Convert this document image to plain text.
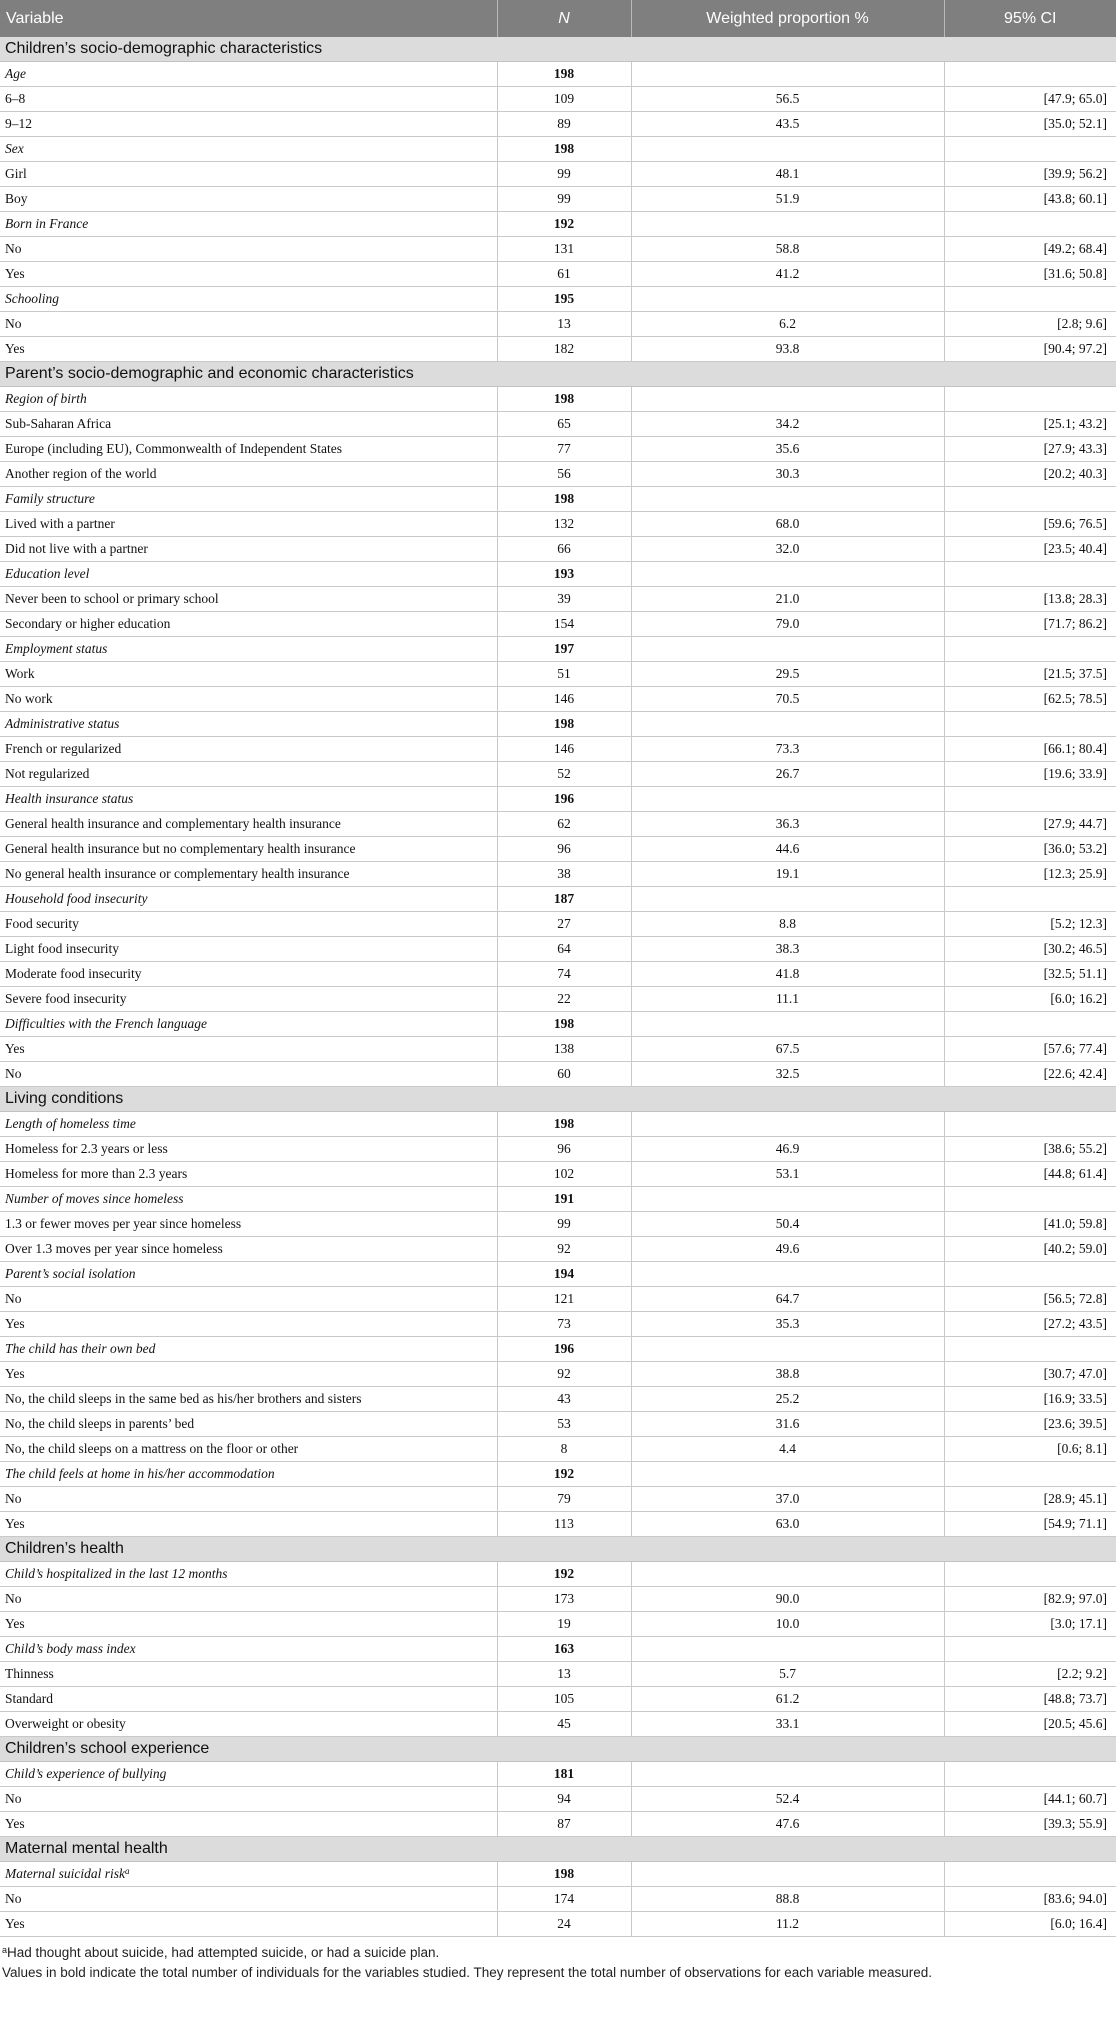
Variable	N	Weighted proportion %	95% CI
Children’s socio-demographic characteristics			
Age	198		
6–8	109	56.5	[47.9; 65.0]
9–12	89	43.5	[35.0; 52.1]
Sex	198		
Girl	99	48.1	[39.9; 56.2]
Boy	99	51.9	[43.8; 60.1]
Born in France	192		
No	131	58.8	[49.2; 68.4]
Yes	61	41.2	[31.6; 50.8]
Schooling	195		
No	13	6.2	[2.8; 9.6]
Yes	182	93.8	[90.4; 97.2]
Parent’s socio-demographic and economic characteristics			
Region of birth	198		
Sub-Saharan Africa	65	34.2	[25.1; 43.2]
Europe (including EU), Commonwealth of Independent States	77	35.6	[27.9; 43.3]
Another region of the world	56	30.3	[20.2; 40.3]
Family structure	198		
Lived with a partner	132	68.0	[59.6; 76.5]
Did not live with a partner	66	32.0	[23.5; 40.4]
Education level	193		
Never been to school or primary school	39	21.0	[13.8; 28.3]
Secondary or higher education	154	79.0	[71.7; 86.2]
Employment status	197		
Work	51	29.5	[21.5; 37.5]
No work	146	70.5	[62.5; 78.5]
Administrative status	198		
French or regularized	146	73.3	[66.1; 80.4]
Not regularized	52	26.7	[19.6; 33.9]
Health insurance status	196		
General health insurance and complementary health insurance	62	36.3	[27.9; 44.7]
General health insurance but no complementary health insurance	96	44.6	[36.0; 53.2]
No general health insurance or complementary health insurance	38	19.1	[12.3; 25.9]
Household food insecurity	187		
Food security	27	8.8	[5.2; 12.3]
Light food insecurity	64	38.3	[30.2; 46.5]
Moderate food insecurity	74	41.8	[32.5; 51.1]
Severe food insecurity	22	11.1	[6.0; 16.2]
Difficulties with the French language	198		
Yes	138	67.5	[57.6; 77.4]
No	60	32.5	[22.6; 42.4]
Living conditions			
Length of homeless time	198		
Homeless for 2.3 years or less	96	46.9	[38.6; 55.2]
Homeless for more than 2.3 years	102	53.1	[44.8; 61.4]
Number of moves since homeless	191		
1.3 or fewer moves per year since homeless	99	50.4	[41.0; 59.8]
Over 1.3 moves per year since homeless	92	49.6	[40.2; 59.0]
Parent’s social isolation	194		
No	121	64.7	[56.5; 72.8]
Yes	73	35.3	[27.2; 43.5]
The child has their own bed	196		
Yes	92	38.8	[30.7; 47.0]
No, the child sleeps in the same bed as his/her brothers and sisters	43	25.2	[16.9; 33.5]
No, the child sleeps in parents’ bed	53	31.6	[23.6; 39.5]
No, the child sleeps on a mattress on the floor or other	8	4.4	[0.6; 8.1]
The child feels at home in his/her accommodation	192		
No	79	37.0	[28.9; 45.1]
Yes	113	63.0	[54.9; 71.1]
Children’s health			
Child’s hospitalized in the last 12 months	192		
No	173	90.0	[82.9; 97.0]
Yes	19	10.0	[3.0; 17.1]
Child’s body mass index	163		
Thinness	13	5.7	[2.2; 9.2]
Standard	105	61.2	[48.8; 73.7]
Overweight or obesity	45	33.1	[20.5; 45.6]
Children’s school experience			
Child’s experience of bullying	181		
No	94	52.4	[44.1; 60.7]
Yes	87	47.6	[39.3; 55.9]
Maternal mental health			
Maternal suicidal risk$^a$	198		
No	174	88.8	[83.6; 94.0]
Yes	24	11.2	[6.0; 16.4]

$^a$Had thought about suicide, had attempted suicide, or had a suicide plan.

Values in bold indicate the total number of individuals for the variables studied. They represent the total number of observations for each variable measured.
